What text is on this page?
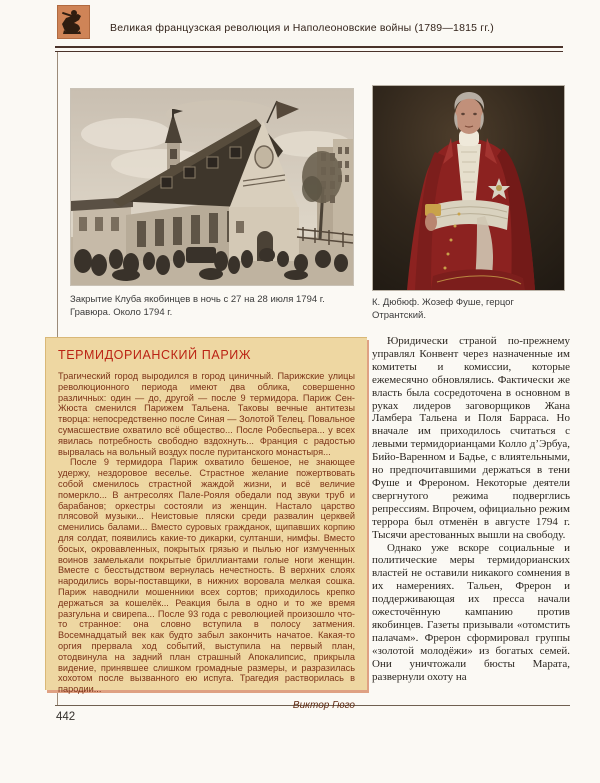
Великая французская революция и Наполеоновские войны (1789—1815 гг.)
Закрытие Клуба якобинцев в ночь с 27 на 28 июля 1794 г.
Гравюра. Около 1794 г.
К. Дюбюф. Жозеф Фуше, герцог
Отрантский.
ТЕРМИДОРИАНСКИЙ ПАРИЖ

Трагический город выродился в город циничный. Парижские улицы революционного периода имеют два облика, совершенно различных: один — до, другой — после 9 термидора. Париж Сен-Жюста сменился Парижем Тальена. Таковы вечные антитезы творца: непосредственно после Синая — Золотой Телец. Повальное сумасшествие охватило всё общество... После Робеспьера... у всех явилась потребность свободно вздохнуть... Франция с радостью вырвалась на вольный воздух после пуританского монастыря...

После 9 термидора Париж охватило бешеное, не знающее удержу, нездоровое веселье. Страстное желание пожертвовать собой сменилось страстной жаждой жизни, и всё величие померкло... В антресолях Пале-Рояля обедали под звуки труб и барабанов; оркестры состояли из женщин. Настало царство плясовой музыки... Неистовые пляски среди развалин церквей сменились балами... Вместо суровых гражданок, щипавших корпию для солдат, появились какие-то дикарки, султанши, нимфы. Вместо босых, окровавленных, покрытых грязью и пылью ног измученных воинов замелькали покрытые бриллиантами голые ноги женщин. Вместе с бесстыдством вернулась нечестность. В верхних слоях народились воры-поставщики, в нижних воровала мелкая сошка. Париж наводнили мошенники всех сортов; приходилось крепко держаться за кошелёк... Реакция была в одно и то же время разгульна и свирепа... После 93 года с революцией произошло что-то странное: она словно вступила в полосу затмения. Восемнадцатый век как будто забыл закончить начатое. Какая-то оргия прервала ход событий, выступила на первый план, отодвинула на задний план страшный Апокалипсис, прикрыла видение, принявшее слишком громадные размеры, и разразилась хохотом после вызванного ею испуга. Трагедия растворилась в пародии...

Виктор Гюго

Юридически страной по-прежнему управлял Конвент через назначенные им комитеты и комиссии, которые ежемесячно обновлялись. Фактически же власть была сосредоточена в основном в руках лидеров заговорщиков Жана Ламбера Тальена и Поля Барраса. Но вначале им приходилось считаться с левыми термидорианцами Колло д’Эрбуа, Бийо-Варенном и Бадье, с влиятельными, но предпочитавшими держаться в тени Фуше и Фрероном. Некоторые деятели свергнутого режима подверглись репрессиям. Впрочем, официально режим террора был отменён в августе 1794 г. Тысячи арестованных вышли на свободу.

Однако уже вскоре социальные и политические меры термидорианских властей не оставили никакого сомнения в их намерениях. Тальен, Фрерон и поддерживающая их пресса начали ожесточённую кампанию против якобинцев. Газеты призывали «отомстить палачам». Фрерон сформировал группы «золотой молодёжи» из богатых семей. Они уничтожали бюсты Марата, развернули охоту на

442
